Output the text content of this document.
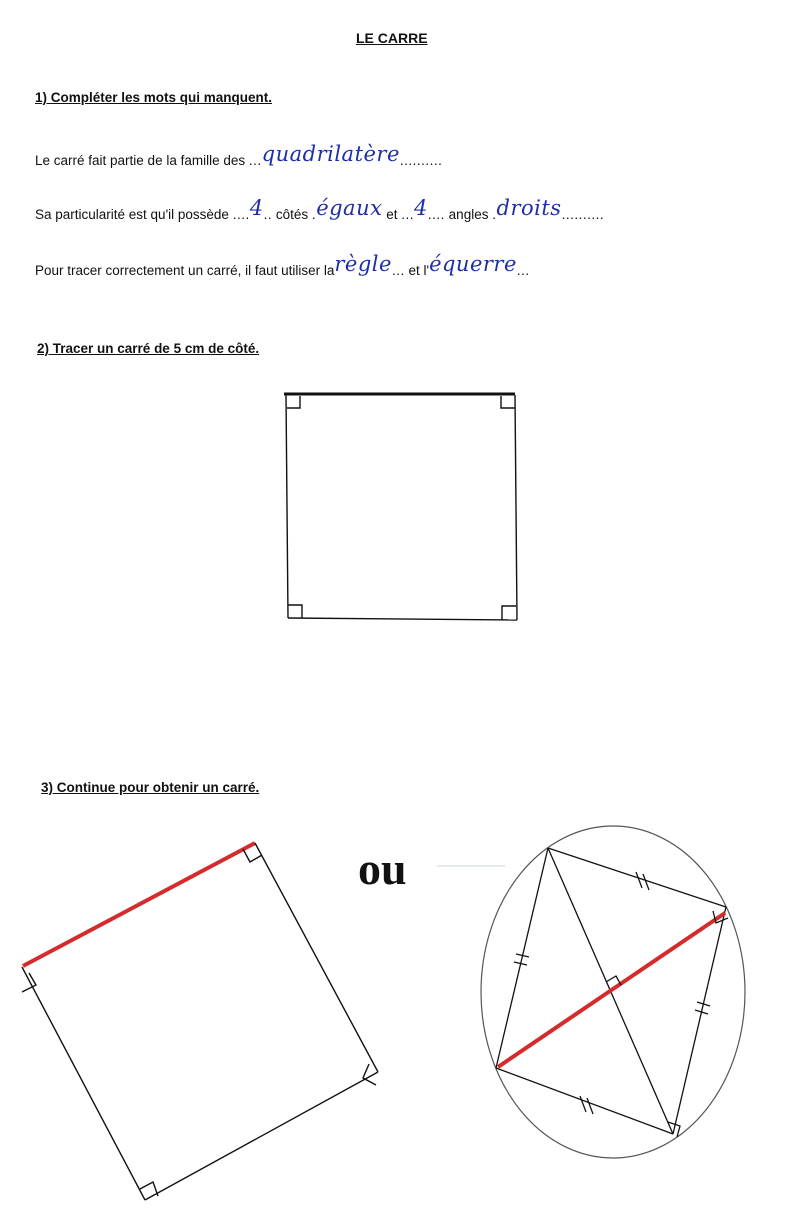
LE CARRE
1) Compléter les mots qui manquent.
Le carré fait partie de la famille des ...quadrilatère..........
Sa particularité est qu'il possède ....4.. côtés .égaux et ...4.... angles .droits..........
Pour tracer correctement un carré, il faut utiliser larègle... et l'équerre...
2) Tracer un carré de 5 cm de côté.
3) Continue pour obtenir un carré.
ou
